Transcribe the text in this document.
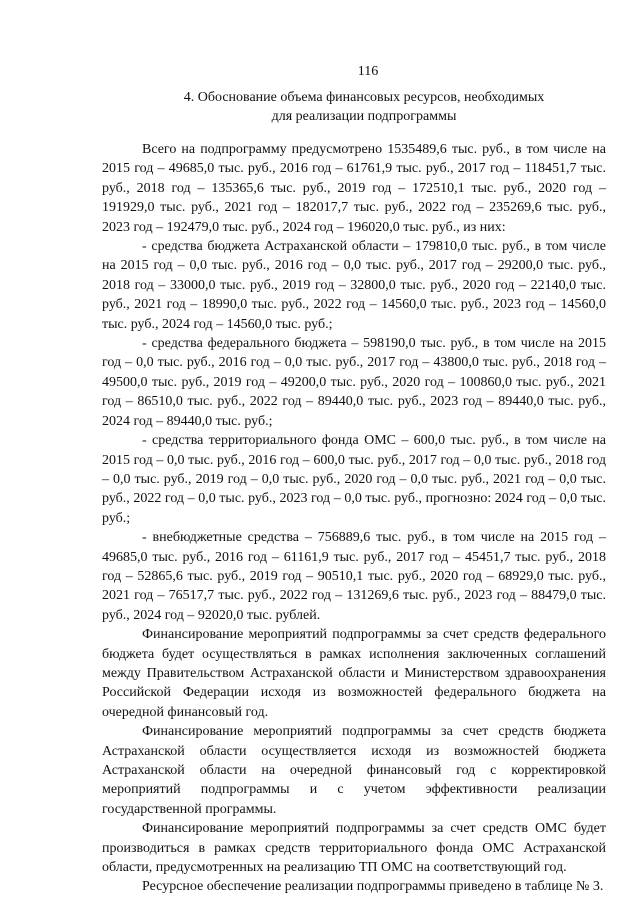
116
4. Обоснование объема финансовых ресурсов, необходимых
для реализации подпрограммы

Всего на подпрограмму предусмотрено 1535489,6 тыс. руб., в том числе на 2015 год – 49685,0 тыс. руб., 2016 год – 61761,9 тыс. руб., 2017 год – 118451,7 тыс. руб., 2018 год – 135365,6 тыс. руб., 2019 год – 172510,1 тыс. руб., 2020 год – 191929,0 тыс. руб., 2021 год – 182017,7 тыс. руб., 2022 год – 235269,6 тыс. руб., 2023 год – 192479,0 тыс. руб., 2024 год – 196020,0 тыс. руб., из них:

- средства бюджета Астраханской области – 179810,0 тыс. руб., в том числе на 2015 год – 0,0 тыс. руб., 2016 год – 0,0 тыс. руб., 2017 год – 29200,0 тыс. руб., 2018 год – 33000,0 тыс. руб., 2019 год – 32800,0 тыс. руб., 2020 год – 22140,0 тыс. руб., 2021 год – 18990,0 тыс. руб., 2022 год – 14560,0 тыс. руб., 2023 год – 14560,0 тыс. руб., 2024 год – 14560,0 тыс. руб.;

- средства федерального бюджета – 598190,0 тыс. руб., в том числе на 2015 год – 0,0 тыс. руб., 2016 год – 0,0 тыс. руб., 2017 год – 43800,0 тыс. руб., 2018 год – 49500,0 тыс. руб., 2019 год – 49200,0 тыс. руб., 2020 год – 100860,0 тыс. руб., 2021 год – 86510,0 тыс. руб., 2022 год – 89440,0 тыс. руб., 2023 год – 89440,0 тыс. руб., 2024 год – 89440,0 тыс. руб.;

- средства территориального фонда ОМС – 600,0 тыс. руб., в том числе на 2015 год – 0,0 тыс. руб., 2016 год – 600,0 тыс. руб., 2017 год – 0,0 тыс. руб., 2018 год – 0,0 тыс. руб., 2019 год – 0,0 тыс. руб., 2020 год – 0,0 тыс. руб., 2021 год – 0,0 тыс. руб., 2022 год – 0,0 тыс. руб., 2023 год – 0,0 тыс. руб., прогнозно: 2024 год – 0,0 тыс. руб.;

- внебюджетные средства – 756889,6 тыс. руб., в том числе на 2015 год – 49685,0 тыс. руб., 2016 год – 61161,9 тыс. руб., 2017 год – 45451,7 тыс. руб., 2018 год – 52865,6 тыс. руб., 2019 год – 90510,1 тыс. руб., 2020 год – 68929,0 тыс. руб., 2021 год – 76517,7 тыс. руб., 2022 год – 131269,6 тыс. руб., 2023 год – 88479,0 тыс. руб., 2024 год – 92020,0 тыс. рублей.

Финансирование мероприятий подпрограммы за счет средств федерального бюджета будет осуществляться в рамках исполнения заключенных соглашений между Правительством Астраханской области и Министерством здравоохранения Российской Федерации исходя из возможностей федерального бюджета на очередной финансовый год.

Финансирование мероприятий подпрограммы за счет средств бюджета Астраханской области осуществляется исходя из возможностей бюджета Астраханской области на очередной финансовый год с корректировкой мероприятий подпрограммы и с учетом эффективности реализации государственной программы.

Финансирование мероприятий подпрограммы за счет средств ОМС будет производиться в рамках средств территориального фонда ОМС Астраханской области, предусмотренных на реализацию ТП ОМС на соответствующий год.

Ресурсное обеспечение реализации подпрограммы приведено в таблице № 3.
